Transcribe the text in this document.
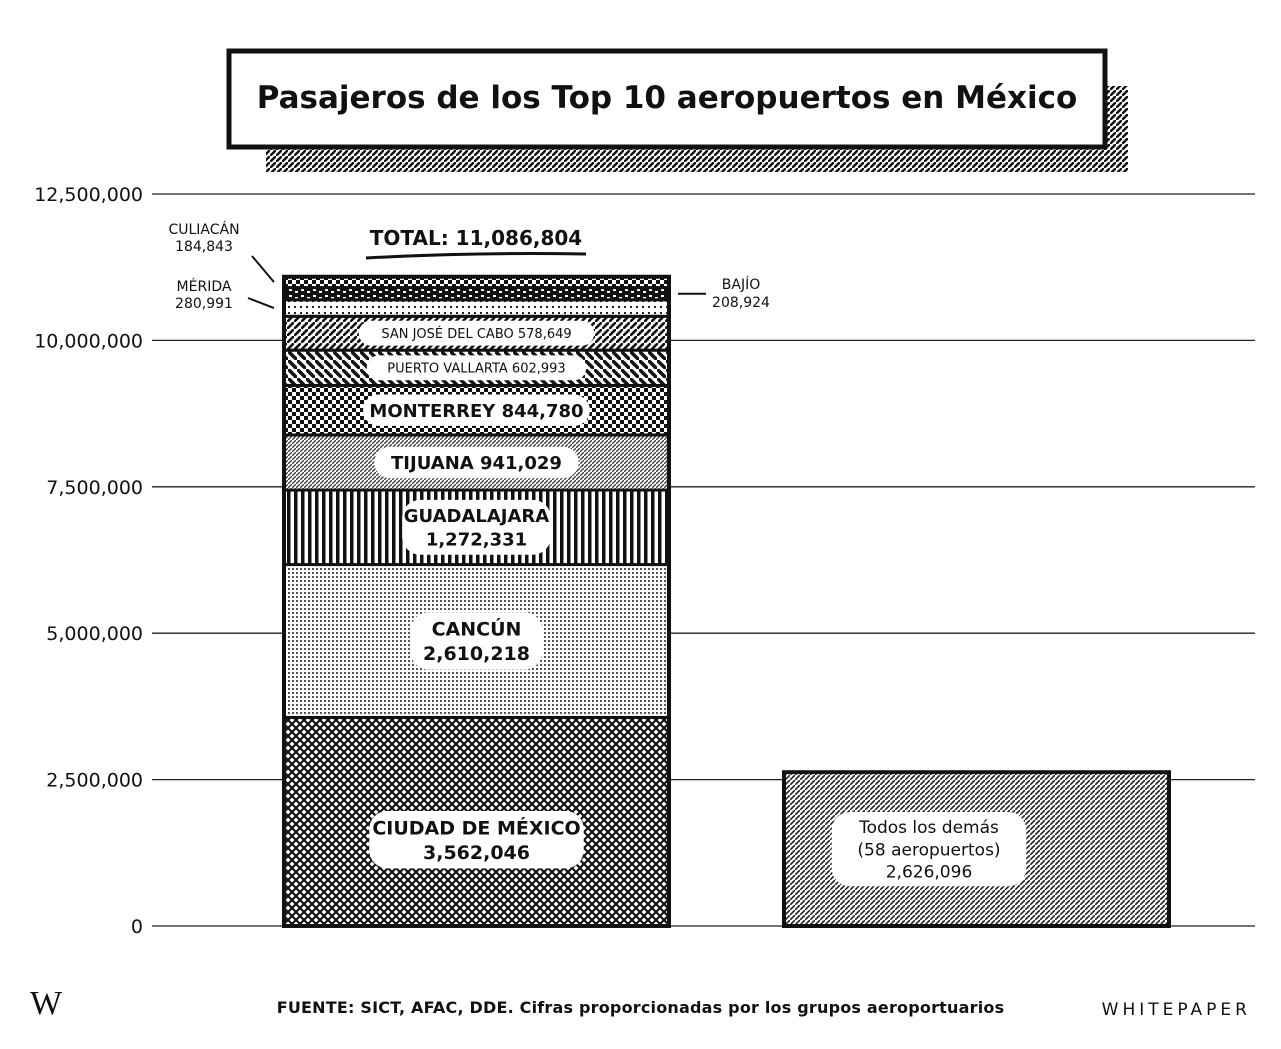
Pasajeros de los Top 10 aeropuertos en México
0
2,500,000
5,000,000
7,500,000
10,000,000
12,500,000
CIUDAD DE MÉXICO
3,562,046
CANCÚN
2,610,218
GUADALAJARA
1,272,331
TIJUANA 941,029
MONTERREY 844,780
PUERTO VALLARTA 602,993
SAN JOSÉ DEL CABO 578,649
CULIACÁN
184,843
MÉRIDA
280,991
BAJÍO
208,924
TOTAL: 11,086,804
Todos los demás
(58 aeropuertos)
2,626,096
W	FUENTE: SICT, AFAC, DDE. Cifras proporcionadas por los grupos aeroportuarios	WHITEPAPER
